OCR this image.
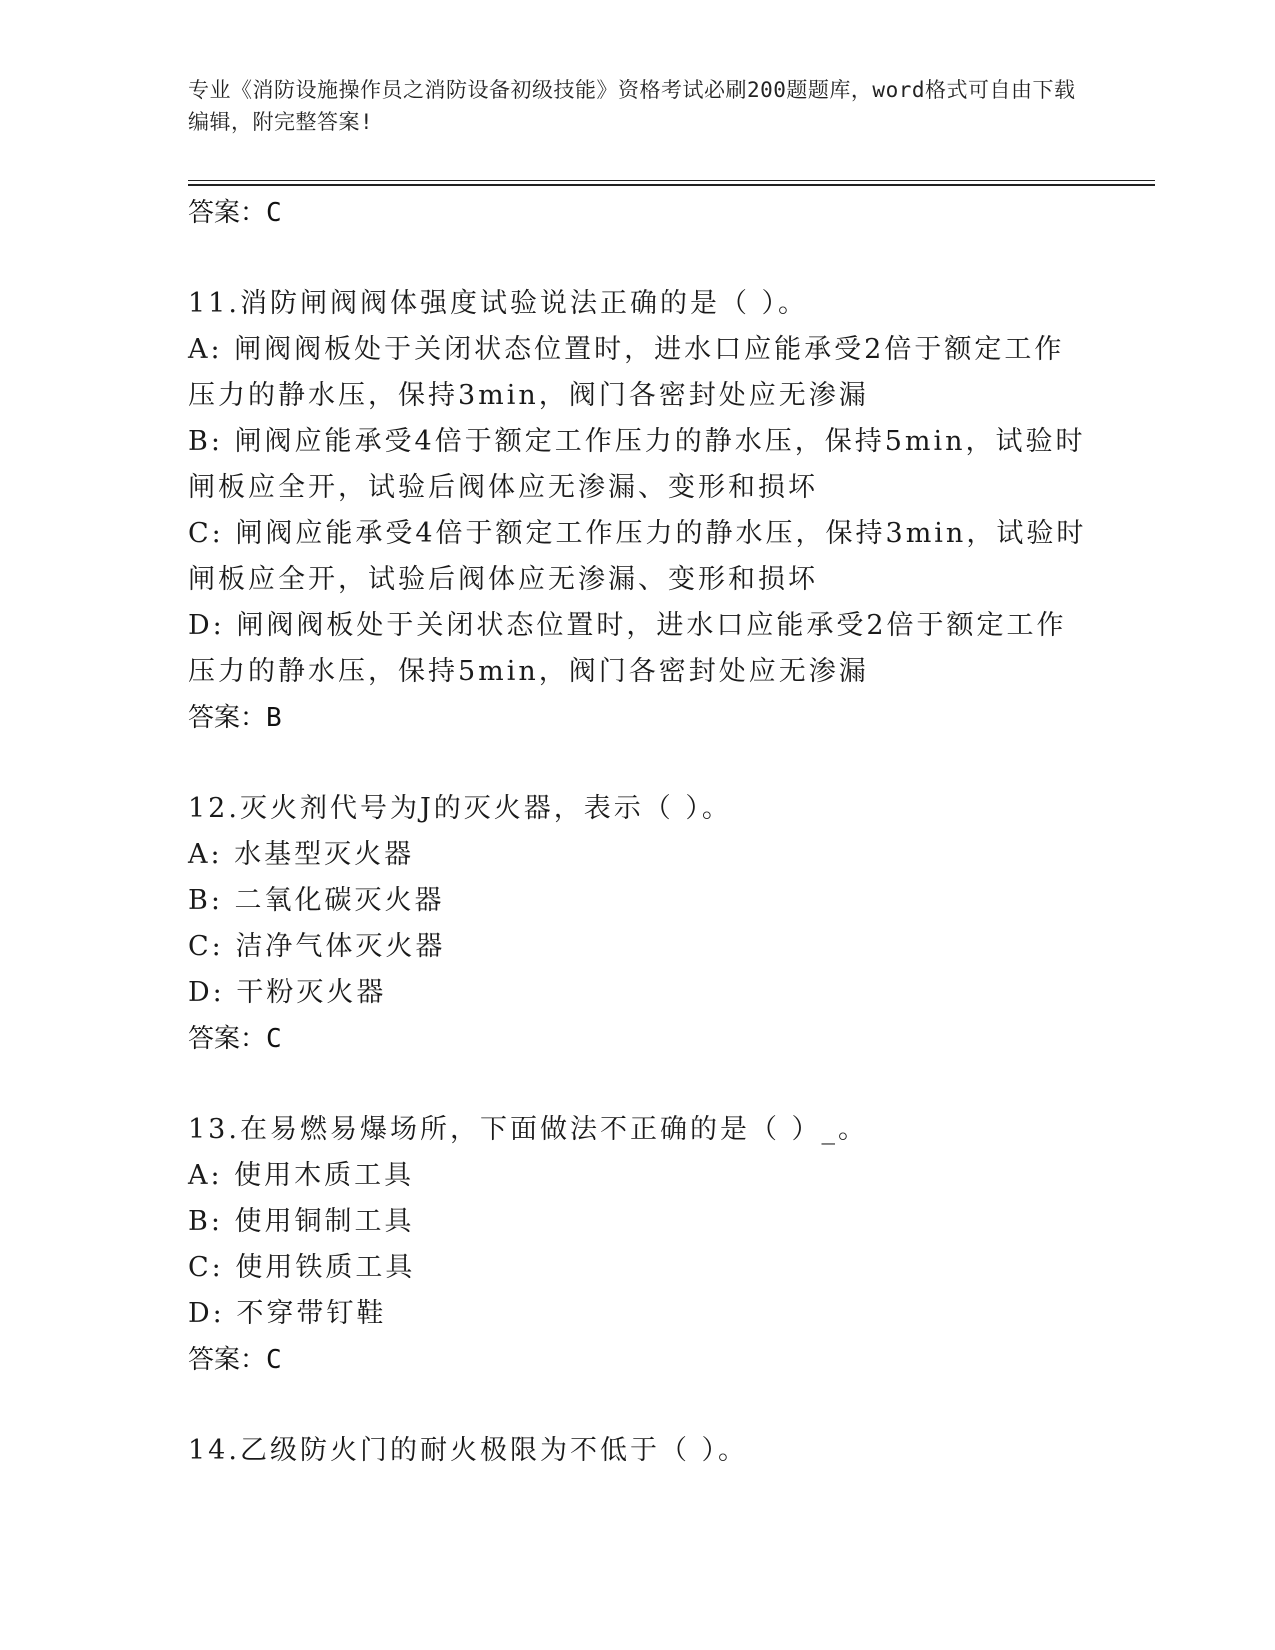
专业《消防设施操作员之消防设备初级技能》资格考试必刷200题题库，word格式可自由下载编辑，附完整答案!
答案：C
11.消防闸阀阀体强度试验说法正确的是（ ）。
A: 闸阀阀板处于关闭状态位置时，进水口应能承受2倍于额定工作压力的静水压，保持3min，阀门各密封处应无渗漏
B: 闸阀应能承受4倍于额定工作压力的静水压，保持5min，试验时闸板应全开，试验后阀体应无渗漏、变形和损坏
C: 闸阀应能承受4倍于额定工作压力的静水压，保持3min，试验时闸板应全开，试验后阀体应无渗漏、变形和损坏
D: 闸阀阀板处于关闭状态位置时，进水口应能承受2倍于额定工作压力的静水压，保持5min，阀门各密封处应无渗漏
答案：B
12.灭火剂代号为J的灭火器，表示（ ）。
A: 水基型灭火器
B: 二氧化碳灭火器
C: 洁净气体灭火器
D: 干粉灭火器
答案：C
13.在易燃易爆场所，下面做法不正确的是（ ）_。
A: 使用木质工具
B: 使用铜制工具
C: 使用铁质工具
D: 不穿带钉鞋
答案：C
14.乙级防火门的耐火极限为不低于（ ）。
